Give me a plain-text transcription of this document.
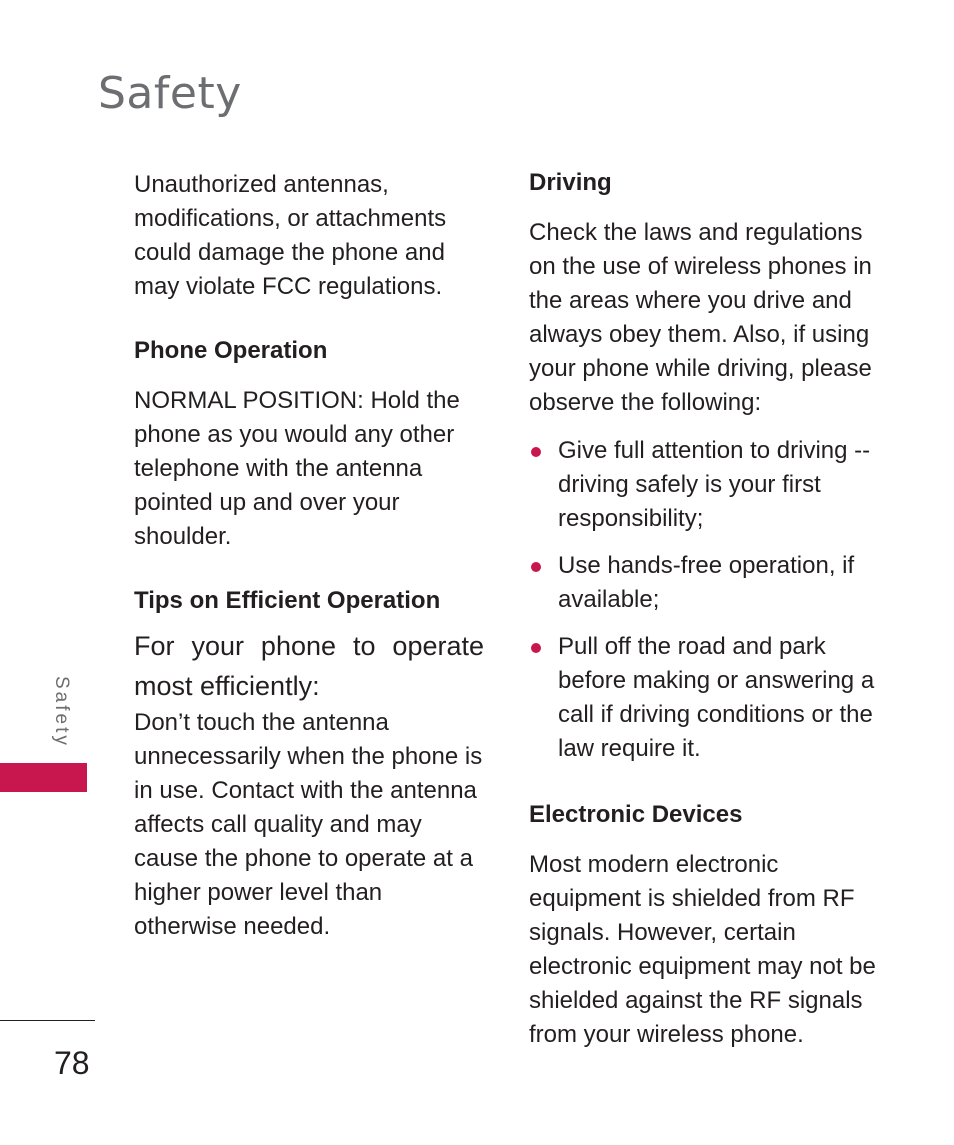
Safety

Unauthorized antennas, modifications, or attachments could damage the phone and may violate FCC regulations.

Phone Operation

NORMAL POSITION: Hold the phone as you would any other telephone with the antenna pointed up and over your shoulder.

Tips on Efficient Operation

For your phone to operate most efficiently:

Don’t touch the antenna unnecessarily when the phone is in use. Contact with the antenna affects call quality and may cause the phone to operate at a higher power level than otherwise needed.

Driving

Check the laws and regulations on the use of wireless phones in the areas where you drive and always obey them. Also, if using your phone while driving, please observe the following:

Give full attention to driving -- driving safely is your first responsibility;
Use hands-free operation, if available;
Pull off the road and park before making or answering a call if driving conditions or the law require it.
Electronic Devices

Most modern electronic equipment is shielded from RF signals. However, certain electronic equipment may not be shielded against the RF signals from your wireless phone.

Safety
78
